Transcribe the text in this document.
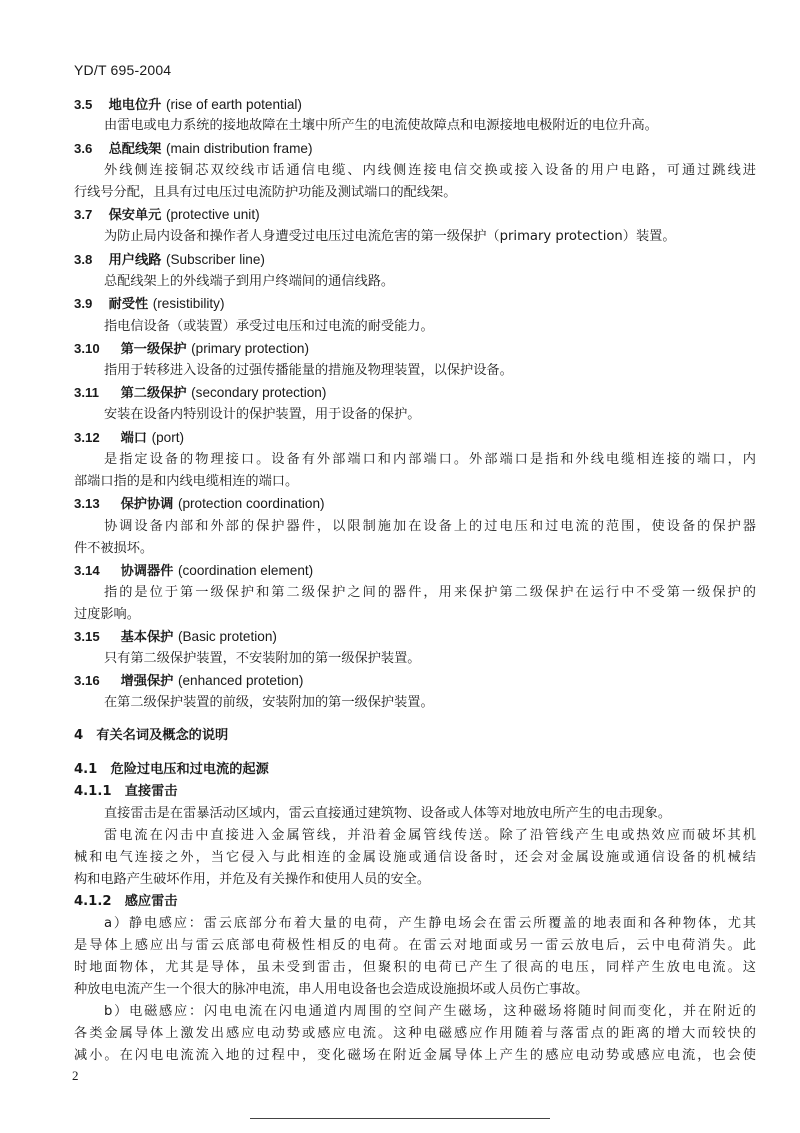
YD/T 695-2004
3.5 地电位升 (rise of earth potential)
由雷电或电力系统的接地故障在土壤中所产生的电流使故障点和电源接地电极附近的电位升高。
3.6 总配线架 (main distribution frame)
外线侧连接铜芯双绞线市话通信电缆、内线侧连接电信交换或接入设备的用户电路，可通过跳线进
行线号分配，且具有过电压过电流防护功能及测试端口的配线架。
3.7 保安单元 (protective unit)
为防止局内设备和操作者人身遭受过电压过电流危害的第一级保护（primary protection）装置。
3.8 用户线路 (Subscriber line)
总配线架上的外线端子到用户终端间的通信线路。
3.9 耐受性 (resistibility)
指电信设备（或装置）承受过电压和过电流的耐受能力。
3.10 第一级保护 (primary protection)
指用于转移进入设备的过强传播能量的措施及物理装置，以保护设备。
3.11 第二级保护 (secondary protection)
安装在设备内特别设计的保护装置，用于设备的保护。
3.12 端口 (port)
是指定设备的物理接口。设备有外部端口和内部端口。外部端口是指和外线电缆相连接的端口，内
部端口指的是和内线电缆相连的端口。
3.13 保护协调 (protection coordination)
协调设备内部和外部的保护器件，以限制施加在设备上的过电压和过电流的范围，使设备的保护器
件不被损坏。
3.14 协调器件 (coordination element)
指的是位于第一级保护和第二级保护之间的器件，用来保护第二级保护在运行中不受第一级保护的
过度影响。
3.15 基本保护 (Basic protetion)
只有第二级保护装置，不安装附加的第一级保护装置。
3.16 增强保护 (enhanced protetion)
在第二级保护装置的前级，安装附加的第一级保护装置。
4　有关名词及概念的说明
4.1　危险过电压和过电流的起源
4.1.1　直接雷击
直接雷击是在雷暴活动区域内，雷云直接通过建筑物、设备或人体等对地放电所产生的电击现象。
雷电流在闪击中直接进入金属管线，并沿着金属管线传送。除了沿管线产生电或热效应而破坏其机
械和电气连接之外，当它侵入与此相连的金属设施或通信设备时，还会对金属设施或通信设备的机械结
构和电路产生破坏作用，并危及有关操作和使用人员的安全。
4.1.2　感应雷击
a）静电感应：雷云底部分布着大量的电荷，产生静电场会在雷云所覆盖的地表面和各种物体，尤其
是导体上感应出与雷云底部电荷极性相反的电荷。在雷云对地面或另一雷云放电后，云中电荷消失。此
时地面物体，尤其是导体，虽未受到雷击，但聚积的电荷已产生了很高的电压，同样产生放电电流。这
种放电电流产生一个很大的脉冲电流，串人用电设备也会造成设施损坏或人员伤亡事故。
b）电磁感应：闪电电流在闪电通道内周围的空间产生磁场，这种磁场将随时间而变化，并在附近的
各类金属导体上激发出感应电动势或感应电流。这种电磁感应作用随着与落雷点的距离的增大而较快的
减小。在闪电电流流入地的过程中，变化磁场在附近金属导体上产生的感应电动势或感应电流，也会使
2
